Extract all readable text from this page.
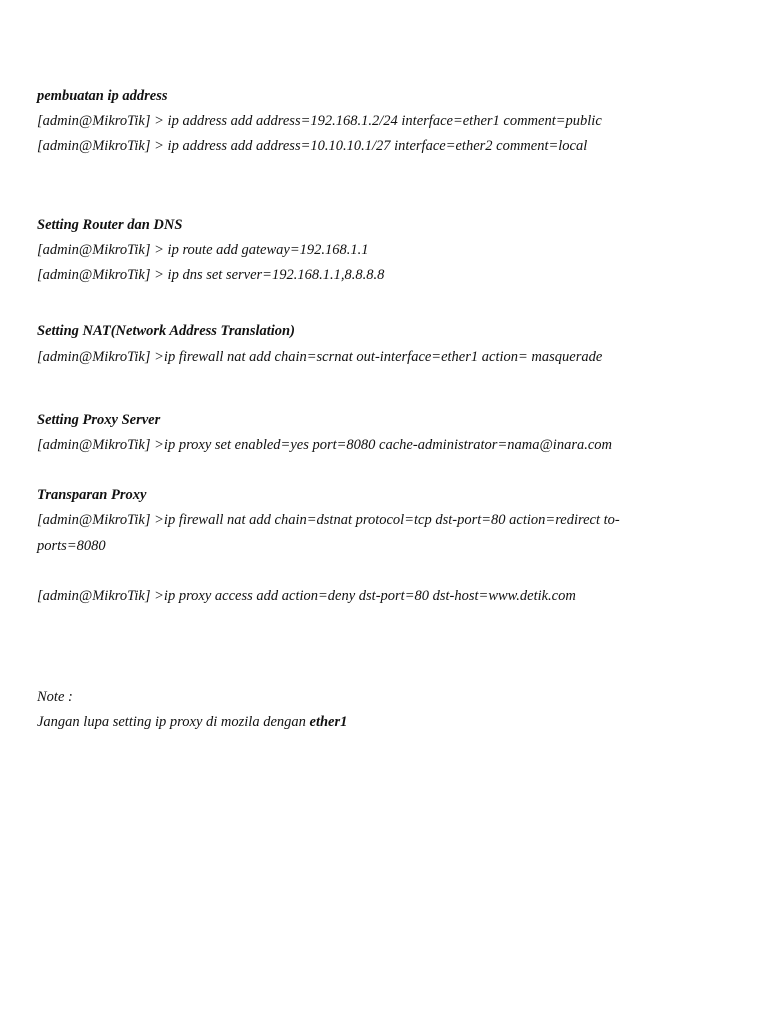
pembuatan ip address
[admin@MikroTik] > ip address add address=192.168.1.2/24 interface=ether1 comment=public
[admin@MikroTik] > ip address add address=10.10.10.1/27 interface=ether2 comment=local
Setting Router dan DNS
[admin@MikroTik] > ip route add gateway=192.168.1.1
[admin@MikroTik] > ip dns set server=192.168.1.1,8.8.8.8
Setting NAT(Network Address Translation)
[admin@MikroTik] >ip firewall nat add chain=scrnat out-interface=ether1 action= masquerade
Setting Proxy Server
[admin@MikroTik] >ip proxy set enabled=yes port=8080 cache-administrator=nama@inara.com
Transparan Proxy
[admin@MikroTik] >ip firewall nat add chain=dstnat protocol=tcp dst-port=80 action=redirect to-
ports=8080
[admin@MikroTik] >ip proxy access add action=deny dst-port=80 dst-host=www.detik.com
Note :
Jangan lupa setting ip proxy di mozila dengan ether1
